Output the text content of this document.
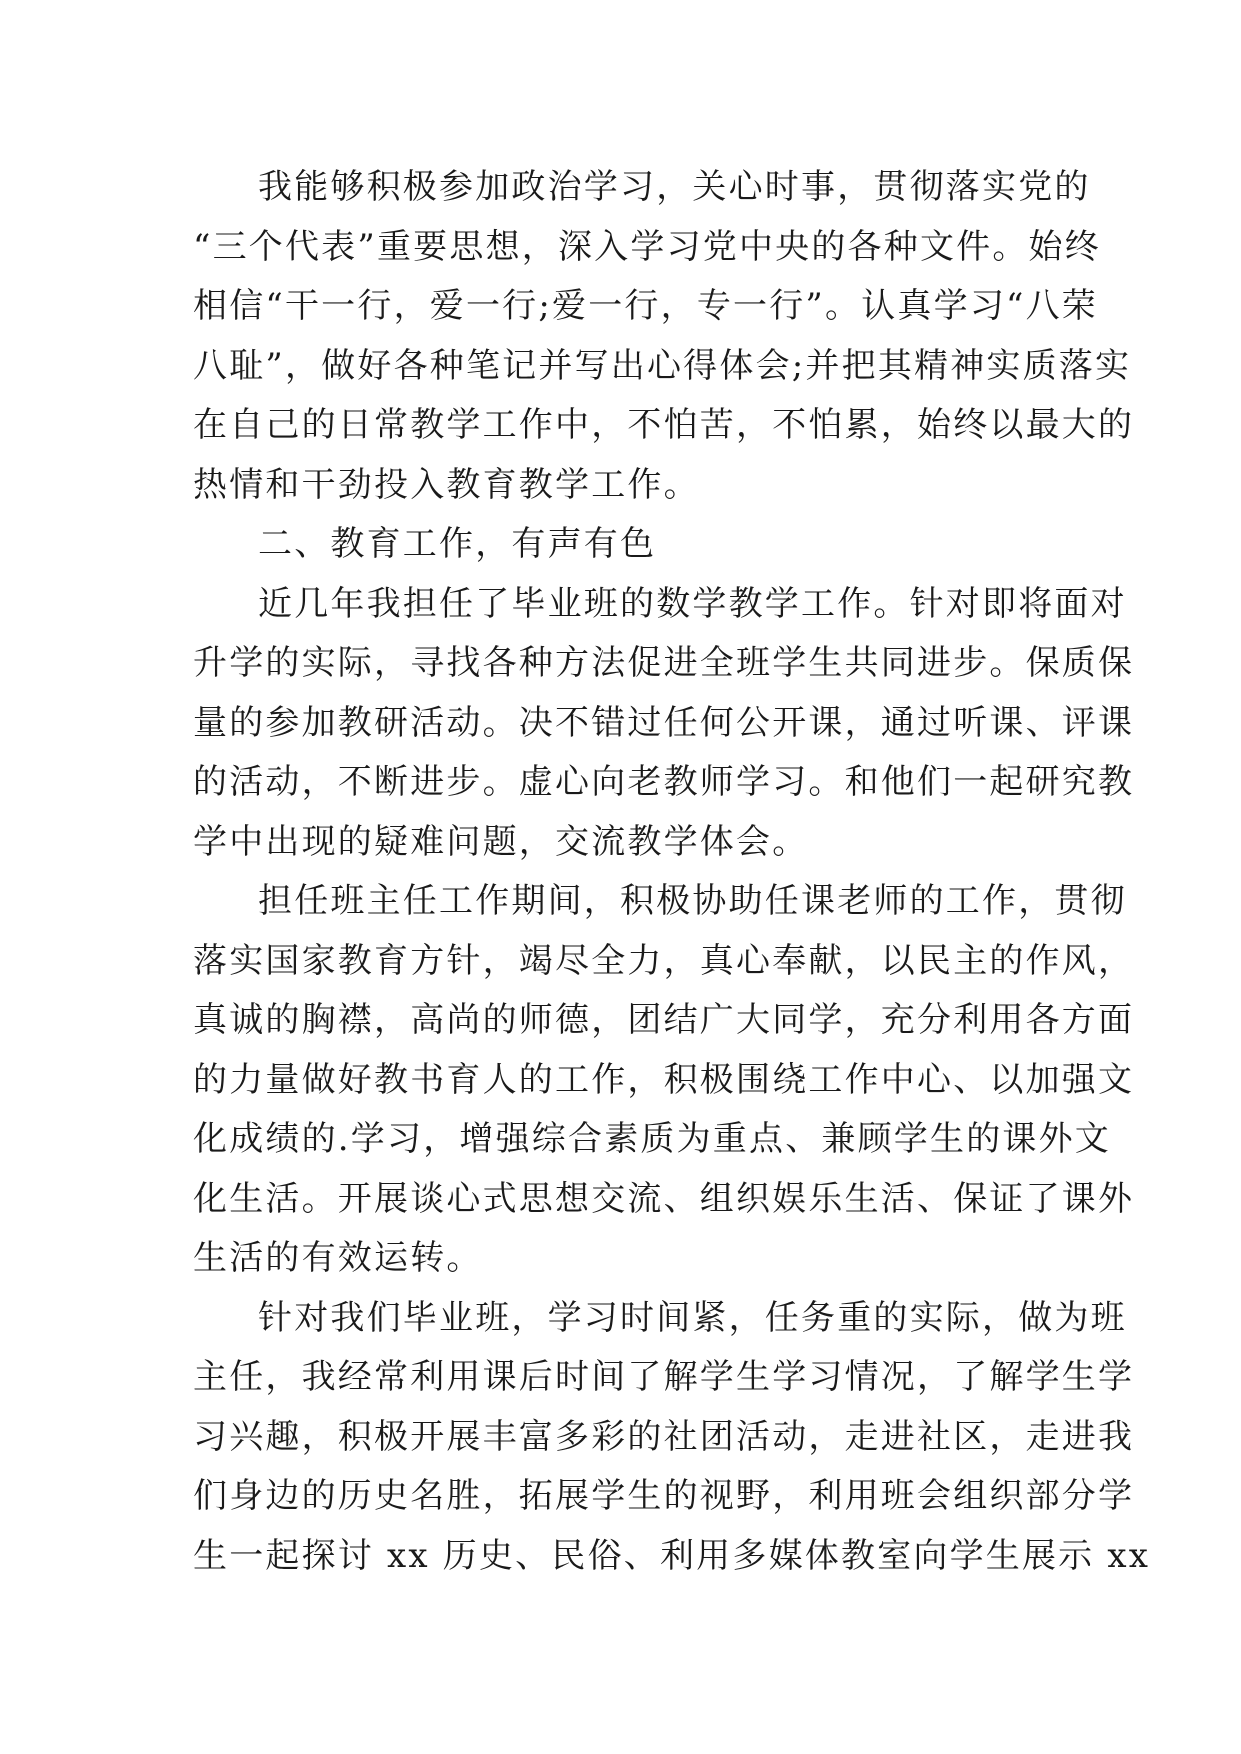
我能够积极参加政治学习，关心时事，贯彻落实党的
“三个代表”重要思想，深入学习党中央的各种文件。始终
相信“干一行，爱一行;爱一行，专一行”。认真学习“八荣
八耻”，做好各种笔记并写出心得体会;并把其精神实质落实
在自己的日常教学工作中，不怕苦，不怕累，始终以最大的
热情和干劲投入教育教学工作。
二、教育工作，有声有色
近几年我担任了毕业班的数学教学工作。针对即将面对
升学的实际，寻找各种方法促进全班学生共同进步。保质保
量的参加教研活动。决不错过任何公开课，通过听课、评课
的活动，不断进步。虚心向老教师学习。和他们一起研究教
学中出现的疑难问题，交流教学体会。
担任班主任工作期间，积极协助任课老师的工作，贯彻
落实国家教育方针，竭尽全力，真心奉献，以民主的作风，
真诚的胸襟，高尚的师德，团结广大同学，充分利用各方面
的力量做好教书育人的工作，积极围绕工作中心、以加强文
化成绩的.学习，增强综合素质为重点、兼顾学生的课外文
化生活。开展谈心式思想交流、组织娱乐生活、保证了课外
生活的有效运转。
针对我们毕业班，学习时间紧，任务重的实际，做为班
主任，我经常利用课后时间了解学生学习情况，了解学生学
习兴趣，积极开展丰富多彩的社团活动，走进社区，走进我
们身边的历史名胜，拓展学生的视野，利用班会组织部分学
生一起探讨 xx 历史、民俗、利用多媒体教室向学生展示 xx
